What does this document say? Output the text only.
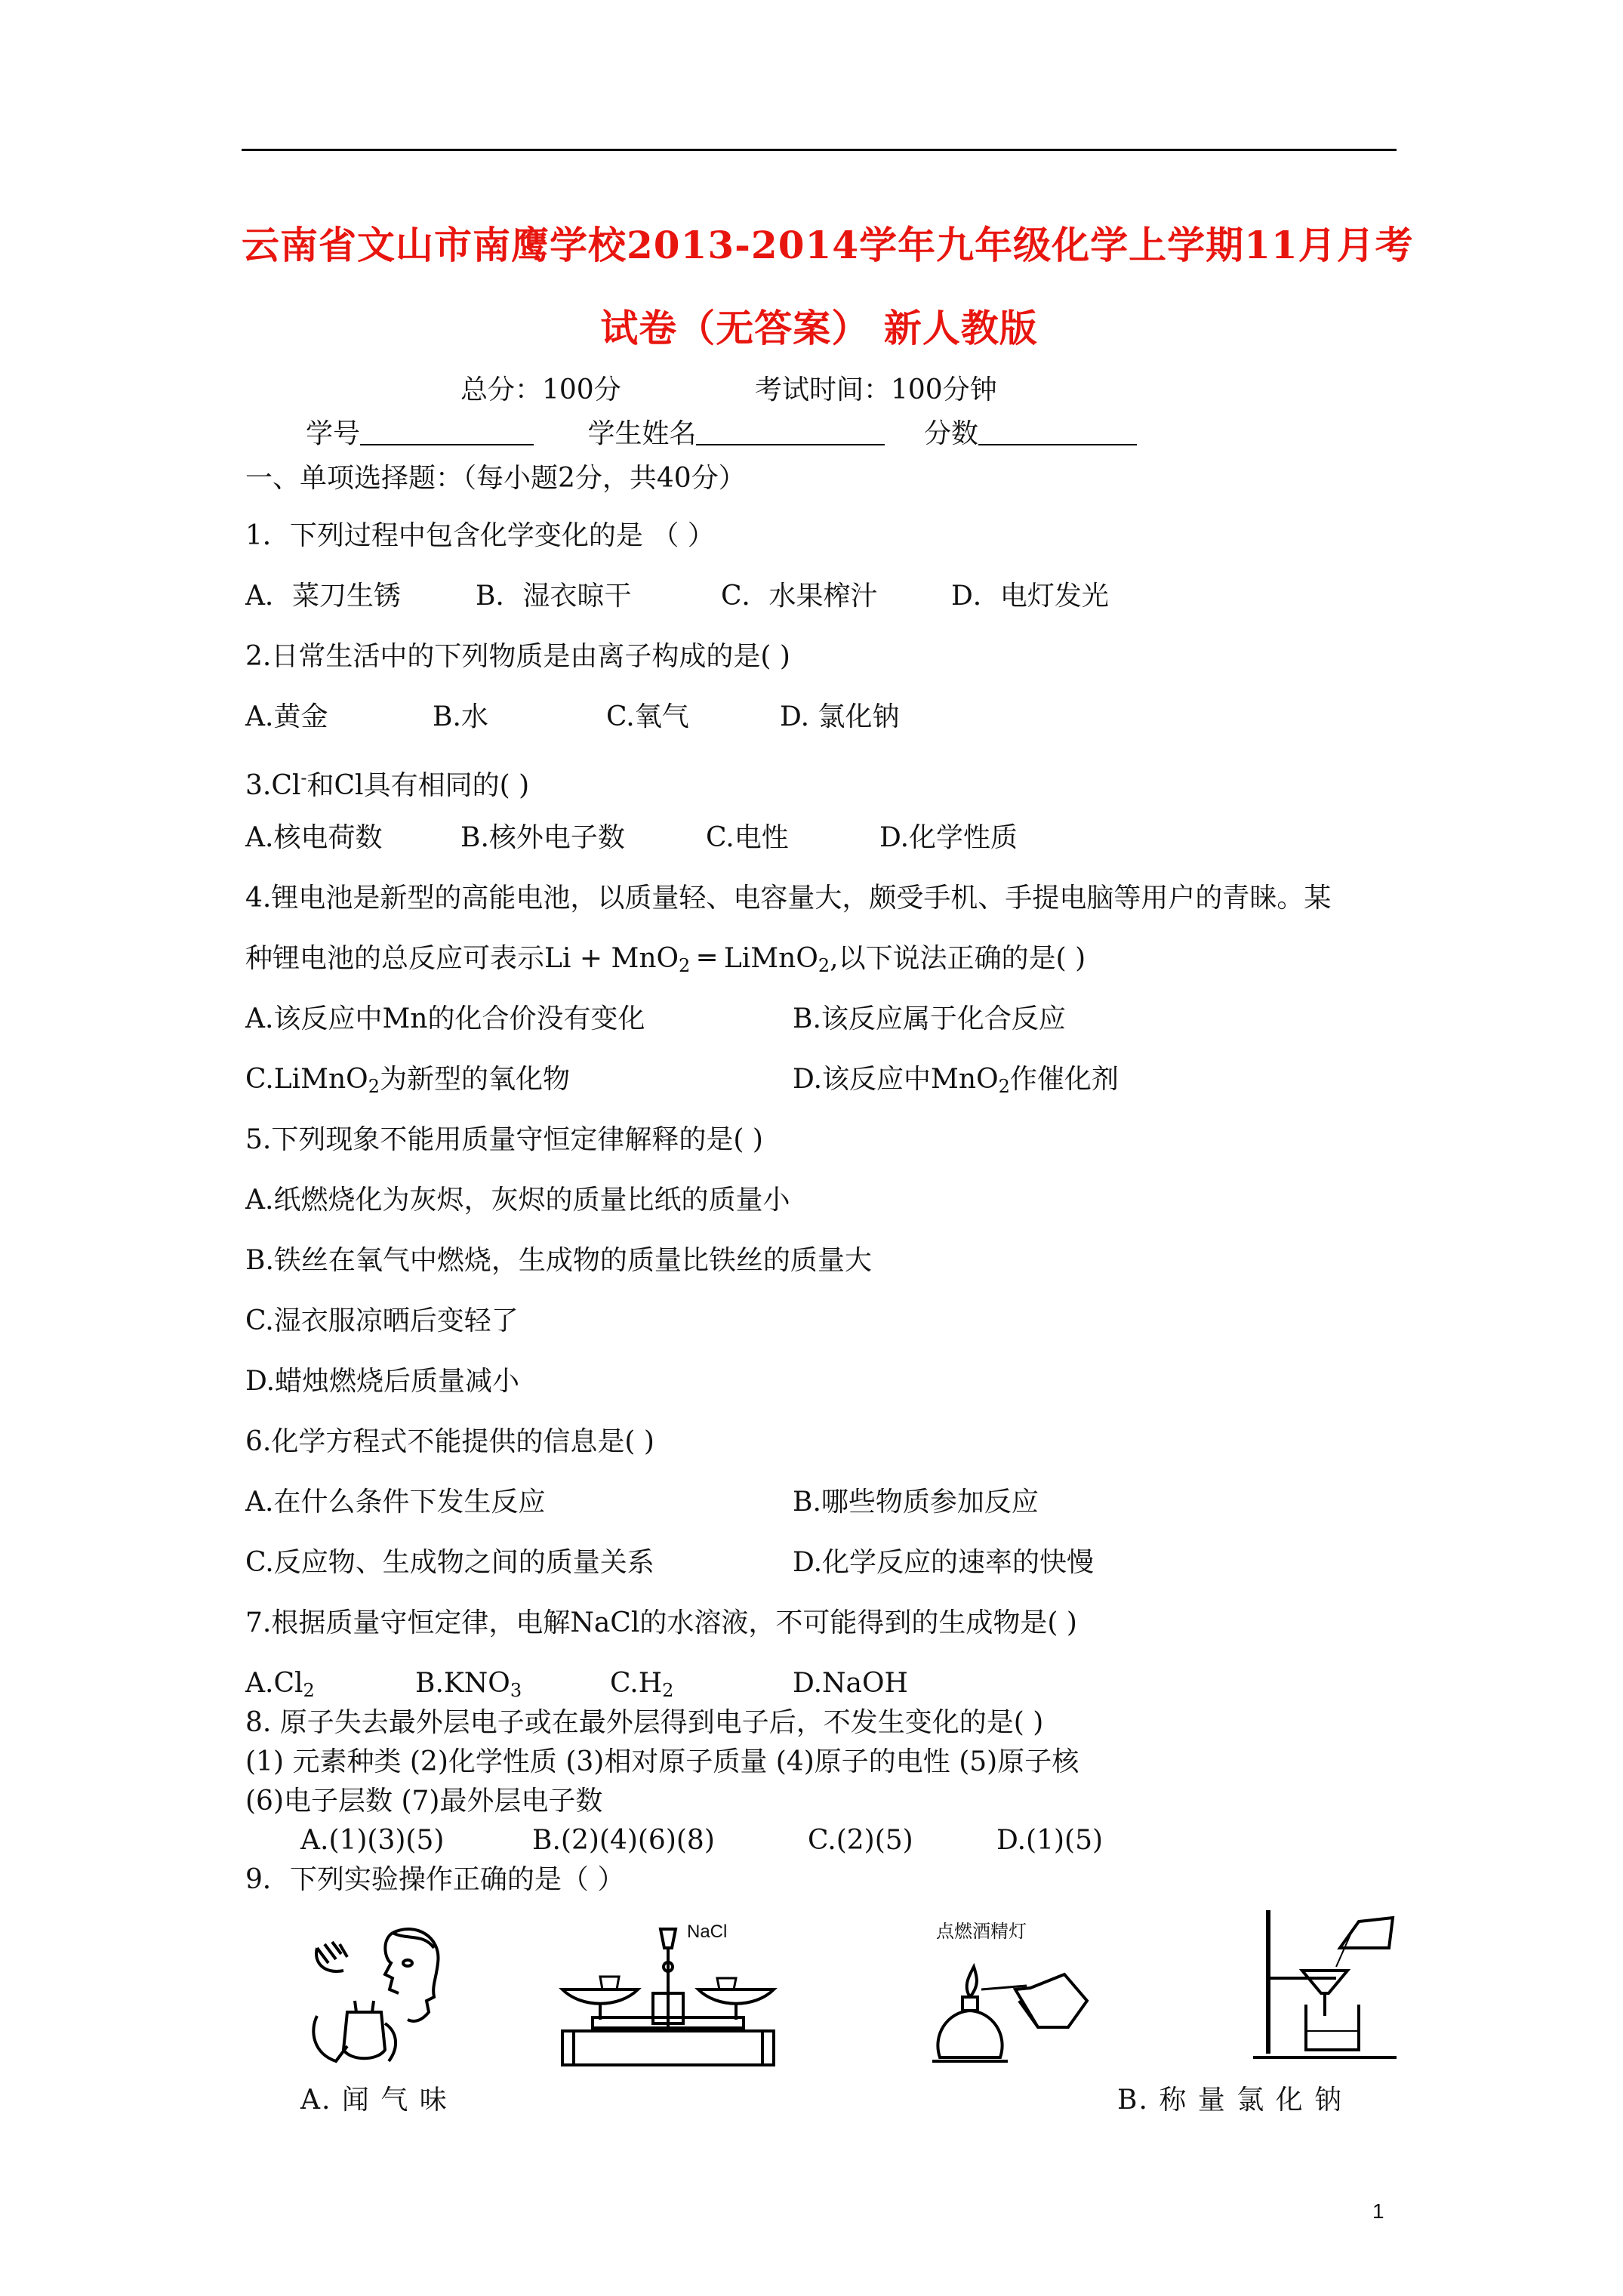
云南省文山市南鹰学校2013-2014学年九年级化学上学期11月月考
试卷（无答案） 新人教版
总分：100分	考试时间：100分钟
学号	学生姓名	分数
一、单项选择题：（每小题2分，共40分）
1．下列过程中包含化学变化的是 （ ）
A．菜刀生锈	B．湿衣晾干	C．水果榨汁	D．电灯发光
2.日常生活中的下列物质是由离子构成的是( )
A.黄金	B.水	C.氧气	D. 氯化钠
3.Cl-和Cl具有相同的( )
A.核电荷数	B.核外电子数	C.电性	D.化学性质
4.锂电池是新型的高能电池，以质量轻、电容量大，颇受手机、手提电脑等用户的青睐。某
种锂电池的总反应可表示Li + MnO$_2$ ═ LiMnO$_2$,以下说法正确的是( )
A.该反应中Mn的化合价没有变化	B.该反应属于化合反应
C.LiMnO$_2$为新型的氧化物	D.该反应中MnO$_2$作催化剂
5.下列现象不能用质量守恒定律解释的是( )
A.纸燃烧化为灰烬，灰烬的质量比纸的质量小
B.铁丝在氧气中燃烧，生成物的质量比铁丝的质量大
C.湿衣服凉晒后变轻了
D.蜡烛燃烧后质量减小
6.化学方程式不能提供的信息是( )
A.在什么条件下发生反应	B.哪些物质参加反应
C.反应物、生成物之间的质量关系	D.化学反应的速率的快慢
7.根据质量守恒定律，电解NaCl的水溶液，不可能得到的生成物是( )
$A.Cl_2$	$B.KNO_3$	$C.H_2$	D.NaOH
8. 原子失去最外层电子或在最外层得到电子后，不发生变化的是( )
(1) 元素种类 (2)化学性质 (3)相对原子质量 (4)原子的电性 (5)原子核
(6)电子层数 (7)最外层电子数
A.(1)(3)(5)	B.(2)(4)(6)(8)	C.(2)(5)	D.(1)(5)
9．下列实验操作正确的是（ ）
NaCl	点燃酒精灯
A. 闻 气 味	B. 称 量 氯 化 钠
1
